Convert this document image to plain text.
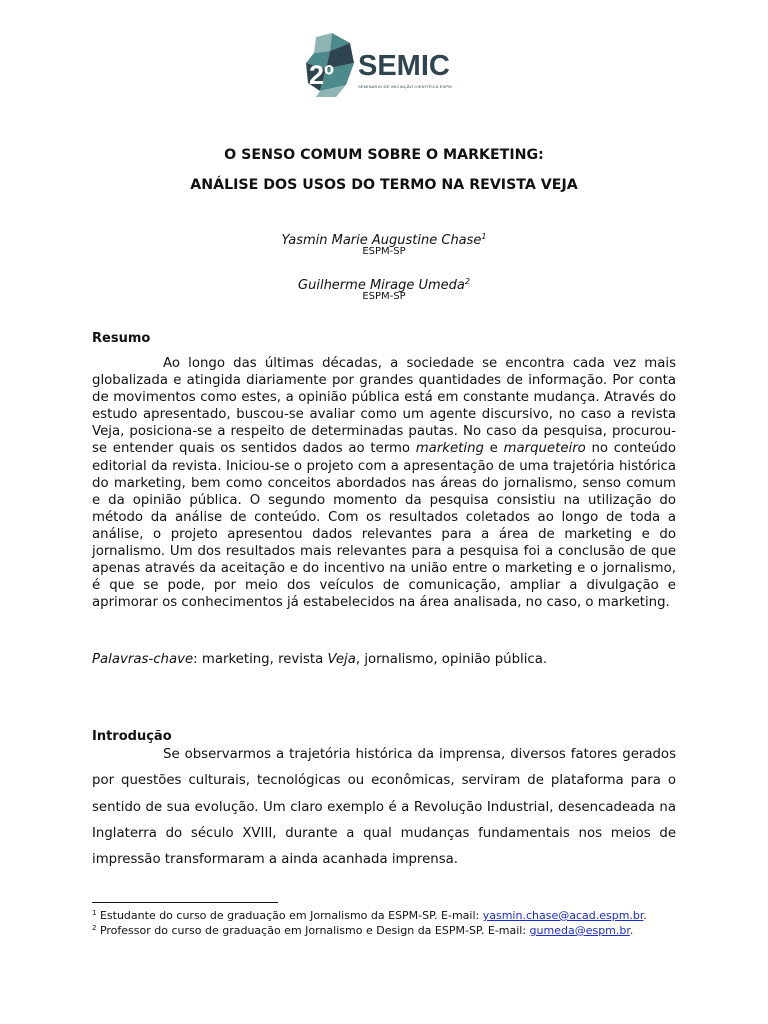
2º SEMIC
SEMINÁRIO DE INICIAÇÃO CIENTÍFICA ESPM
O SENSO COMUM SOBRE O MARKETING:
ANÁLISE DOS USOS DO TERMO NA REVISTA VEJA
Yasmin Marie Augustine Chase$^1$
ESPM-SP
Guilherme Mirage Umeda$^2$
ESPM-SP
Resumo

Ao longo das últimas décadas, a sociedade se encontra cada vez mais globalizada e atingida diariamente por grandes quantidades de informação. Por conta de movimentos como estes, a opinião pública está em constante mudança. Através do estudo apresentado, buscou-se avaliar como um agente discursivo, no caso a revista Veja, posiciona-se a respeito de determinadas pautas. No caso da pesquisa, procurou-se entender quais os sentidos dados ao termo marketing e marqueteiro no conteúdo editorial da revista. Iniciou-se o projeto com a apresentação de uma trajetória histórica do marketing, bem como conceitos abordados nas áreas do jornalismo, senso comum e da opinião pública. O segundo momento da pesquisa consistiu na utilização do método da análise de conteúdo. Com os resultados coletados ao longo de toda a análise, o projeto apresentou dados relevantes para a área de marketing e do jornalismo. Um dos resultados mais relevantes para a pesquisa foi a conclusão de que apenas através da aceitação e do incentivo na união entre o marketing e o jornalismo, é que se pode, por meio dos veículos de comunicação, ampliar a divulgação e aprimorar os conhecimentos já estabelecidos na área analisada, no caso, o marketing.

Palavras-chave: marketing, revista Veja, jornalismo, opinião pública.
Introdução

Se observarmos a trajetória histórica da imprensa, diversos fatores gerados por questões culturais, tecnológicas ou econômicas, serviram de plataforma para o sentido de sua evolução. Um claro exemplo é a Revolução Industrial, desencadeada na Inglaterra do século XVIII, durante a qual mudanças fundamentais nos meios de impressão transformaram a ainda acanhada imprensa.

$^1$ Estudante do curso de graduação em Jornalismo da ESPM-SP. E-mail: yasmin.chase@acad.espm.br.
$^2$ Professor do curso de graduação em Jornalismo e Design da ESPM-SP. E-mail: gumeda@espm.br.
